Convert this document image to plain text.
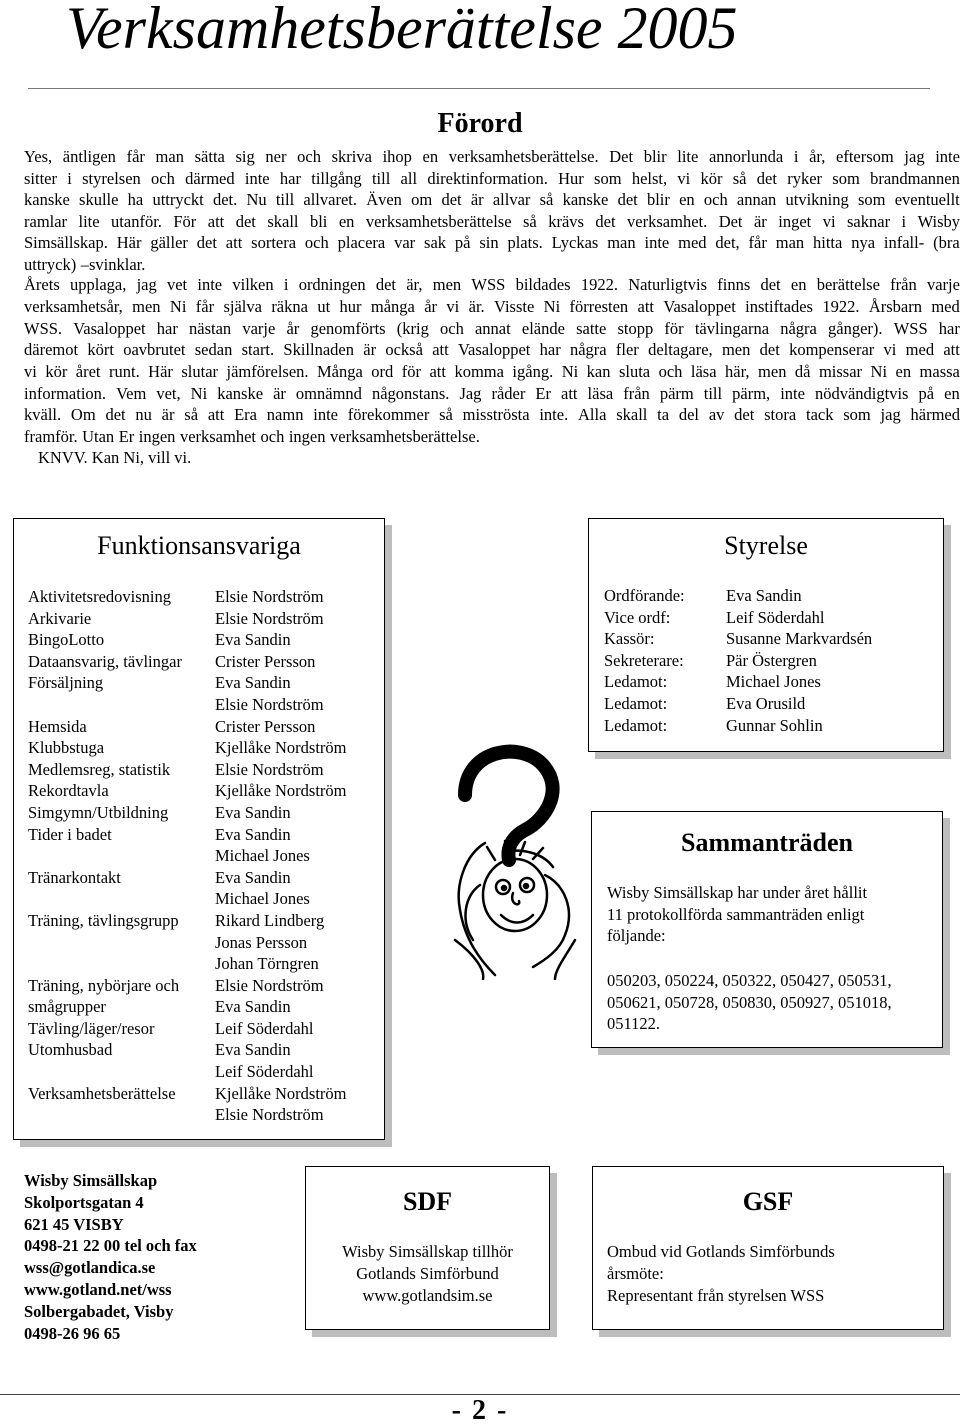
Verksamhetsberättelse 2005
Förord
Yes, äntligen får man sätta sig ner och skriva ihop en verksamhetsberättelse. Det blir lite annorlunda i år, eftersom jag inte
sitter i styrelsen och därmed inte har tillgång till all direktinformation. Hur som helst, vi kör så det ryker som brandmannen
kanske skulle ha uttryckt det. Nu till allvaret. Även om det är allvar så kanske det blir en och annan utvikning som eventuellt
ramlar lite utanför. För att det skall bli en verksamhetsberättelse så krävs det verksamhet. Det är inget vi saknar i Wisby
Simsällskap. Här gäller det att sortera och placera var sak på sin plats. Lyckas man inte med det, får man hitta nya infall- (bra
uttryck) –svinklar.
Årets upplaga, jag vet inte vilken i ordningen det är, men WSS bildades 1922. Naturligtvis finns det en berättelse från varje
verksamhetsår, men Ni får själva räkna ut hur många år vi är. Visste Ni förresten att Vasaloppet instiftades 1922. Årsbarn med
WSS. Vasaloppet har nästan varje år genomförts (krig och annat elände satte stopp för tävlingarna några gånger). WSS har
däremot kört oavbrutet sedan start. Skillnaden är också att Vasaloppet har några fler deltagare, men det kompenserar vi med att
vi kör året runt. Här slutar jämförelsen. Många ord för att komma igång. Ni kan sluta och läsa här, men då missar Ni en massa
information. Vem vet, Ni kanske är omnämnd någonstans. Jag råder Er att läsa från pärm till pärm, inte nödvändigtvis på en
kväll. Om det nu är så att Era namn inte förekommer så misströsta inte. Alla skall ta del av det stora tack som jag härmed
framför. Utan Er ingen verksamhet och ingen verksamhetsberättelse.
KNVV. Kan Ni, vill vi.
Funktionsansvariga
Aktivitetsredovisning	Elsie Nordström
Arkivarie	Elsie Nordström
BingoLotto	Eva Sandin
Dataansvarig, tävlingar	Crister Persson
Försäljning	Eva Sandin
Elsie Nordström
Hemsida	Crister Persson
Klubbstuga	Kjellåke Nordström
Medlemsreg, statistik	Elsie Nordström
Rekordtavla	Kjellåke Nordström
Simgymn/Utbildning	Eva Sandin
Tider i badet	Eva Sandin
Michael Jones
Tränarkontakt	Eva Sandin
Michael Jones
Träning, tävlingsgrupp	Rikard Lindberg
Jonas Persson
Johan Törngren
Träning, nybörjare och	Elsie Nordström
smågrupper	Eva Sandin
Tävling/läger/resor	Leif Söderdahl
Utomhusbad	Eva Sandin
Leif Söderdahl
Verksamhetsberättelse	Kjellåke Nordström
Elsie Nordström
Styrelse
Ordförande:	Eva Sandin
Vice ordf:	Leif Söderdahl
Kassör:	Susanne Markvardsén
Sekreterare:	Pär Östergren
Ledamot:	Michael Jones
Ledamot:	Eva Orusild
Ledamot:	Gunnar Sohlin
Sammanträden
Wisby Simsällskap har under året hållit
11 protokollförda sammanträden enligt
följande:
050203, 050224, 050322, 050427, 050531,
050621, 050728, 050830, 050927, 051018,
051122.
Wisby Simsällskap
Skolportsgatan 4
621 45 VISBY
0498-21 22 00 tel och fax
wss@gotlandica.se
www.gotland.net/wss
Solbergabadet, Visby
0498-26 96 65
SDF
Wisby Simsällskap tillhör
Gotlands Simförbund
www.gotlandsim.se
GSF
Ombud vid Gotlands Simförbunds
årsmöte:
Representant från styrelsen WSS
- 2 -
